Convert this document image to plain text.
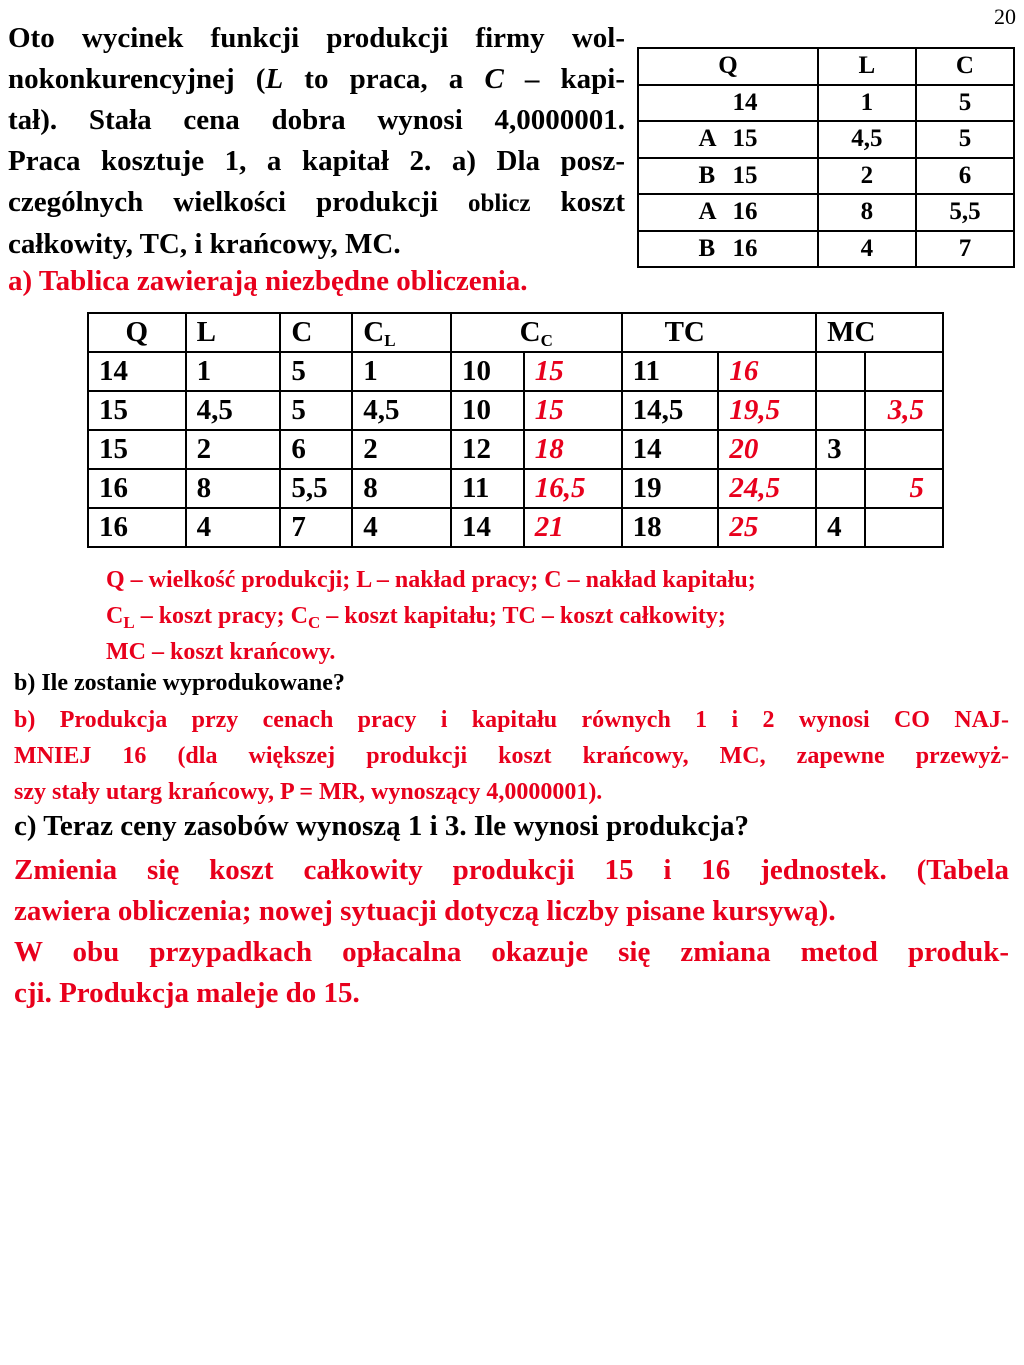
20
Oto wycinek funkcji produkcji firmy wol-
nokonkurencyjnej (L to praca, a C – kapi-
tał). Stała cena dobra wynosi 4,0000001.
Praca kosztuje 1, a kapitał 2. a) Dla posz-
czególnych wielkości produkcji oblicz koszt
całkowity, TC, i krańcowy, MC.
a) Tablica zawierają niezbędne obliczenia.
Q	L	C
14	1	5
A 15	4,5	5
B 15	2	6
A 16	8	5,5
B 16	4	7
Q	L	C	$C_L$	$C_C$		TC		MC	
14	1	5	1	10	15	11	16		
15	4,5	5	4,5	10	15	14,5	19,5		3,5
15	2	6	2	12	18	14	20	3	
16	8	5,5	8	11	16,5	19	24,5		5
16	4	7	4	14	21	18	25	4	
Q – wielkość produkcji; L – nakład pracy; C – nakład kapitału;
$C_L$ – koszt pracy; $C_C$ – koszt kapitału; TC – koszt całkowity;
MC – koszt krańcowy.
b) Ile zostanie wyprodukowane?
b) Produkcja przy cenach pracy i kapitału równych 1 i 2 wynosi CO NAJ-
MNIEJ 16 (dla większej produkcji koszt krańcowy, MC, zapewne przewyż-
szy stały utarg krańcowy, P = MR, wynoszący 4,0000001).
c) Teraz ceny zasobów wynoszą 1 i 3. Ile wynosi produkcja?
Zmienia się koszt całkowity produkcji 15 i 16 jednostek. (Tabela
zawiera obliczenia; nowej sytuacji dotyczą liczby pisane kursywą).
W obu przypadkach opłacalna okazuje się zmiana metod produk-
cji. Produkcja maleje do 15.
